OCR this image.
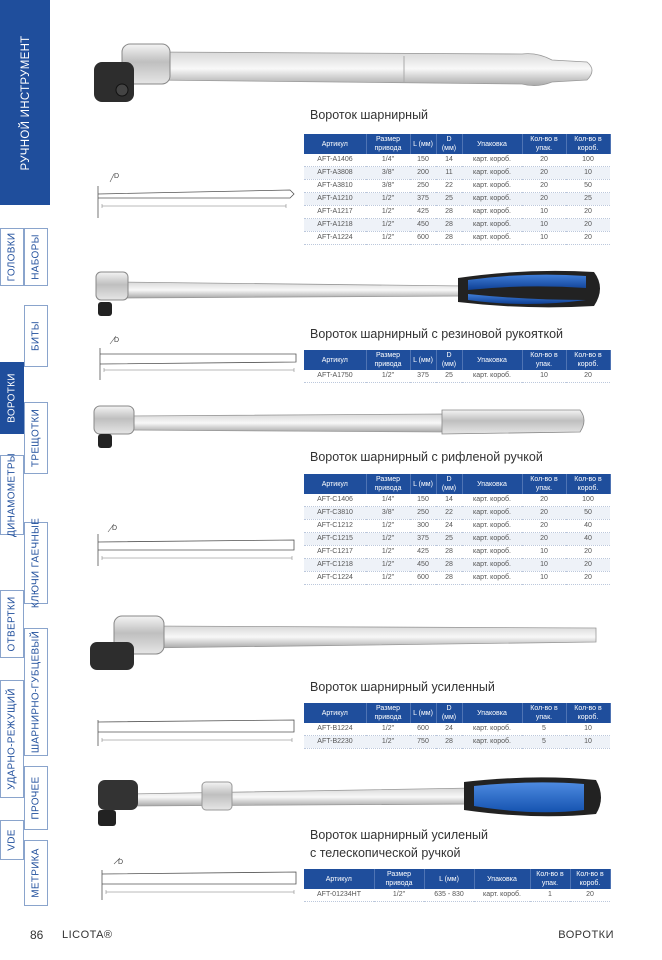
РУЧНОЙ ИНСТРУМЕНТ
ГОЛОВКИ НАБОРЫ
ВОРОТКИ
БИТЫ
ТРЕЩОТКИ
ДИНАМОМЕТРЫ
КЛЮЧИ ГАЕЧНЫЕ
ОТВЕРТКИ
ШАРНИРНО-ГУБЦЕВЫЙ
УДАРНО-РЕЖУЩИЙ
ПРОЧЕЕ
VDE
МЕТРИКА
Вороток шарнирный
D
Артикул	Размер привода	L (мм)	D (мм)	Упаковка	Кол-во в упак.	Кол-во в короб.
AFT-A1406	1/4"	150	14	карт. короб.	20	100
AFT-A3808	3/8"	200	11	карт. короб.	20	10
AFT-A3810	3/8"	250	22	карт. короб.	20	50
AFT-A1210	1/2"	375	25	карт. короб.	20	25
AFT-A1217	1/2"	425	28	карт. короб.	10	20
AFT-A1218	1/2"	450	28	карт. короб.	10	20
AFT-A1224	1/2"	600	28	карт. короб.	10	20
Вороток шарнирный с резиновой рукояткой
D
Артикул	Размер привода	L (мм)	D (мм)	Упаковка	Кол-во в упак.	Кол-во в короб.
AFT-A1750	1/2"	375	25	карт. короб.	10	20
Вороток шарнирный с рифленой ручкой
D
Артикул	Размер привода	L (мм)	D (мм)	Упаковка	Кол-во в упак.	Кол-во в короб.
AFT-C1406	1/4"	150	14	карт. короб.	20	100
AFT-C3810	3/8"	250	22	карт. короб.	20	50
AFT-C1212	1/2"	300	24	карт. короб.	20	40
AFT-C1215	1/2"	375	25	карт. короб.	20	40
AFT-C1217	1/2"	425	28	карт. короб.	10	20
AFT-C1218	1/2"	450	28	карт. короб.	10	20
AFT-C1224	1/2"	600	28	карт. короб.	10	20
Вороток шарнирный усиленный
Артикул	Размер привода	L (мм)	D (мм)	Упаковка	Кол-во в упак.	Кол-во в короб.
AFT-B1224	1/2"	600	24	карт. короб.	5	10
AFT-B2230	1/2"	750	28	карт. короб.	5	10
Вороток шарнирный усиленый
с телескопической ручкой
D
Артикул	Размер привода	L (мм)	Упаковка	Кол-во в упак.	Кол-во в короб.
AFT-01234HT	1/2"	635 - 830	карт. короб.	1	20
86 LICOTA®	ВОРОТКИ
